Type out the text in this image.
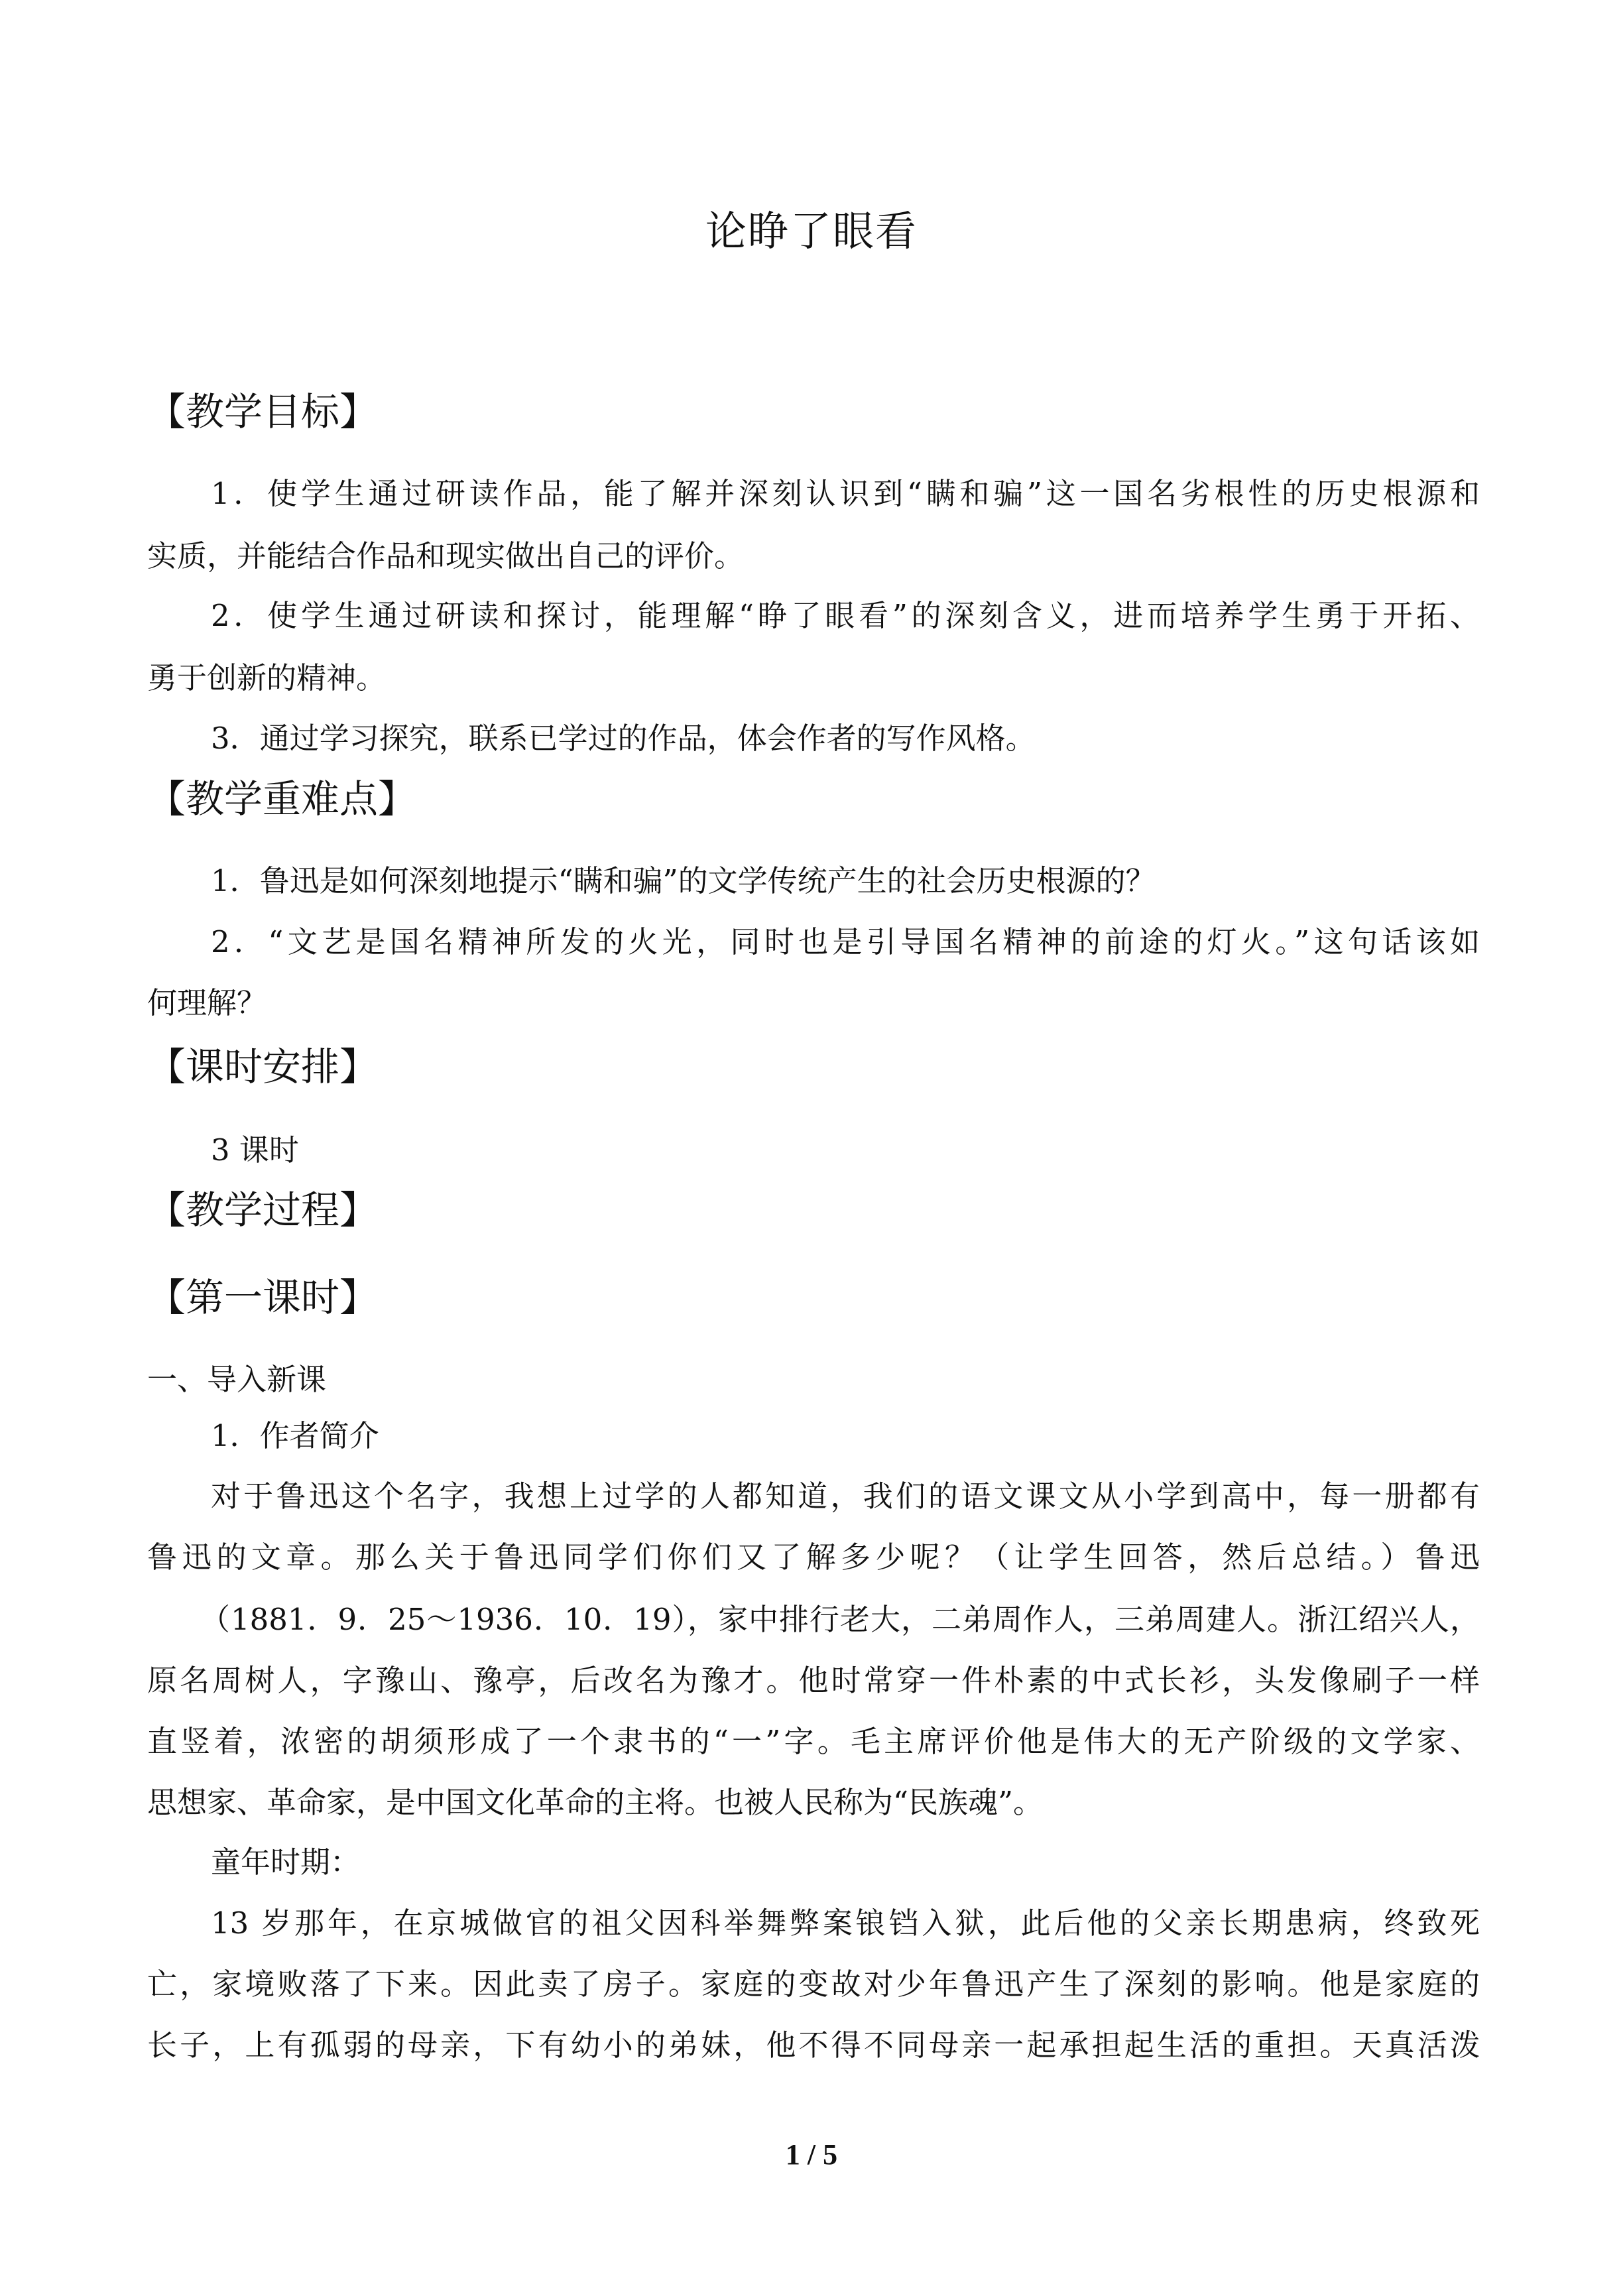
论睁了眼看
【教学目标】

1．使学生通过研读作品，能了解并深刻认识到“瞒和骗”这一国名劣根性的历史根源和

实质，并能结合作品和现实做出自己的评价。

2．使学生通过研读和探讨，能理解“睁了眼看”的深刻含义，进而培养学生勇于开拓、

勇于创新的精神。

3．通过学习探究，联系已学过的作品，体会作者的写作风格。

【教学重难点】

1．鲁迅是如何深刻地提示“瞒和骗”的文学传统产生的社会历史根源的？

2．“文艺是国名精神所发的火光，同时也是引导国名精神的前途的灯火。”这句话该如

何理解？

【课时安排】

3 课时

【教学过程】
【第一课时】

一、导入新课

1．作者简介

对于鲁迅这个名字，我想上过学的人都知道，我们的语文课文从小学到高中，每一册都有

鲁迅的文章。那么关于鲁迅同学们你们又了解多少呢？（让学生回答，然后总结。）鲁迅

（1881．9．25～1936．10．19），家中排行老大，二弟周作人，三弟周建人。浙江绍兴人，

原名周树人，字豫山、豫亭，后改名为豫才。他时常穿一件朴素的中式长衫，头发像刷子一样

直竖着，浓密的胡须形成了一个隶书的“一”字。毛主席评价他是伟大的无产阶级的文学家、

思想家、革命家，是中国文化革命的主将。也被人民称为“民族魂”。

童年时期：

13 岁那年，在京城做官的祖父因科举舞弊案锒铛入狱，此后他的父亲长期患病，终致死

亡，家境败落了下来。因此卖了房子。家庭的变故对少年鲁迅产生了深刻的影响。他是家庭的

长子，上有孤弱的母亲，下有幼小的弟妹，他不得不同母亲一起承担起生活的重担。天真活泼

1 / 5
